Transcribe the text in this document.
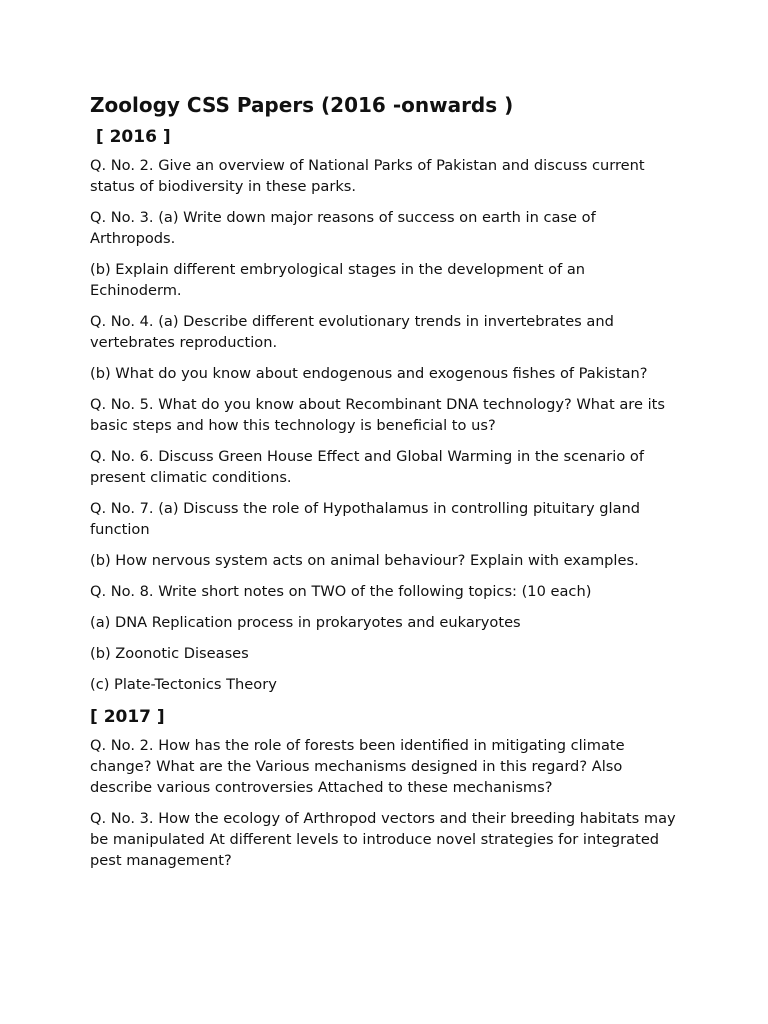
Zoology CSS Papers (2016 -onwards )
[ 2016 ]
Q. No. 2. Give an overview of National Parks of Pakistan and discuss current status of biodiversity in these parks.
Q. No. 3. (a) Write down major reasons of success on earth in case of Arthropods.
(b) Explain different embryological stages in the development of an Echinoderm.
Q. No. 4. (a) Describe different evolutionary trends in invertebrates and vertebrates reproduction.
(b) What do you know about endogenous and exogenous fishes of Pakistan?
Q. No. 5. What do you know about Recombinant DNA technology? What are its basic steps and how this technology is beneficial to us?
Q. No. 6. Discuss Green House Effect and Global Warming in the scenario of present climatic conditions.
Q. No. 7. (a) Discuss the role of Hypothalamus in controlling pituitary gland function
(b) How nervous system acts on animal behaviour? Explain with examples.
Q. No. 8. Write short notes on TWO of the following topics: (10 each)
(a) DNA Replication process in prokaryotes and eukaryotes
(b) Zoonotic Diseases
(c) Plate-Tectonics Theory
[ 2017 ]
Q. No. 2. How has the role of forests been identified in mitigating climate change? What are the Various mechanisms designed in this regard? Also describe various controversies Attached to these mechanisms?
Q. No. 3. How the ecology of Arthropod vectors and their breeding habitats may be manipulated At different levels to introduce novel strategies for integrated pest management?
